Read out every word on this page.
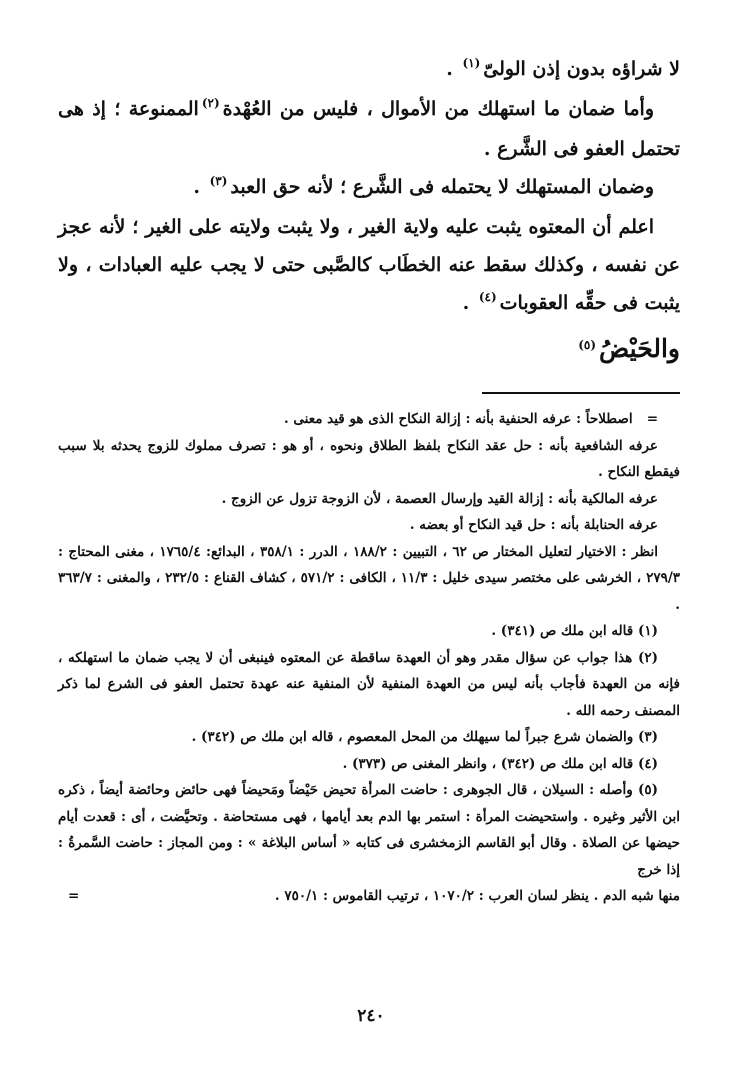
لا شراؤه بدون إذن الولىّ$^{(١)}$ .

وأما ضمان ما استهلك من الأموال ، فليس من العُهْدة$^{(٢)}$الممنوعة ؛ إذ هى تحتمل العفو فى الشَّرع .

وضمان المستهلك لا يحتمله فى الشَّرع ؛ لأنه حق العبد$^{(٣)}$ .

اعلم أن المعتوه يثبت عليه ولاية الغير ، ولا يثبت ولايته على الغير ؛ لأنه عجز عن نفسه ، وكذلك سقط عنه الخطَاب كالصَّبى حتى لا يجب عليه العبادات ، ولا يثبت فى حقِّه العقوبات$^{(٤)}$ .

والحَيْضُ$^{(٥)}$

=   اصطلاحاً : عرفه الحنفية بأنه : إزالة النكاح الذى هو قيد معنى .

عرفه الشافعية بأنه : حل عقد النكاح بلفظ الطلاق ونحوه ، أو هو : تصرف مملوك للزوج يحدثه بلا سبب فيقطع النكاح .

عرفه المالكية بأنه : إزالة القيد وإرسال العصمة ، لأن الزوجة تزول عن الزوج .

عرفه الحنابلة بأنه : حل قيد النكاح أو بعضه .

انظر : الاختيار لتعليل المختار ص ٦٢ ، التبيين : ١٨٨/٢ ، الدرر : ٣٥٨/١ ، البدائع: ١٧٦٥/٤ ، مغنى المحتاج : ٢٧٩/٣ ، الخرشى على مختصر سيدى خليل : ١١/٣ ، الكافى : ٥٧١/٢ ، كشاف القناع : ٢٣٢/٥ ، والمغنى : ٣٦٣/٧ .

(١) قاله ابن ملك ص (٣٤١) .

(٢) هذا جواب عن سؤال مقدر وهو أن العهدة ساقطة عن المعتوه فينبغى أن لا يجب ضمان ما استهلكه ، فإنه من العهدة فأجاب بأنه ليس من العهدة المنفية لأن المنفية عنه عهدة تحتمل العفو فى الشرع لما ذكر المصنف رحمه الله .

(٣) والضمان شرع جبراً لما سيهلك من المحل المعصوم ، قاله ابن ملك ص (٣٤٢) .

(٤) قاله ابن ملك ص (٣٤٢) ، وانظر المغنى ص (٣٧٣) .

(٥) وأصله : السيلان ، قال الجوهرى : حاضت المرأة تحيض حَيْضاً ومَحيضاً فهى حائض وحائضة أيضاً ، ذكره ابن الأثير وغيره . واستحيضت المرأة : استمر بها الدم بعد أيامها ، فهى مستحاضة . وتحيَّضت ، أى : قعدت أيام حيضها عن الصلاة . وقال أبو القاسم الزمخشرى فى كتابه « أساس البلاغة » : ومن المجاز : حاضت السَّمرةُ : إذا خرج

منها شبه الدم . ينظر لسان العرب : ١٠٧٠/٢ ، ترتيب القاموس : ٧٥٠/١ .
=

٢٤٠
